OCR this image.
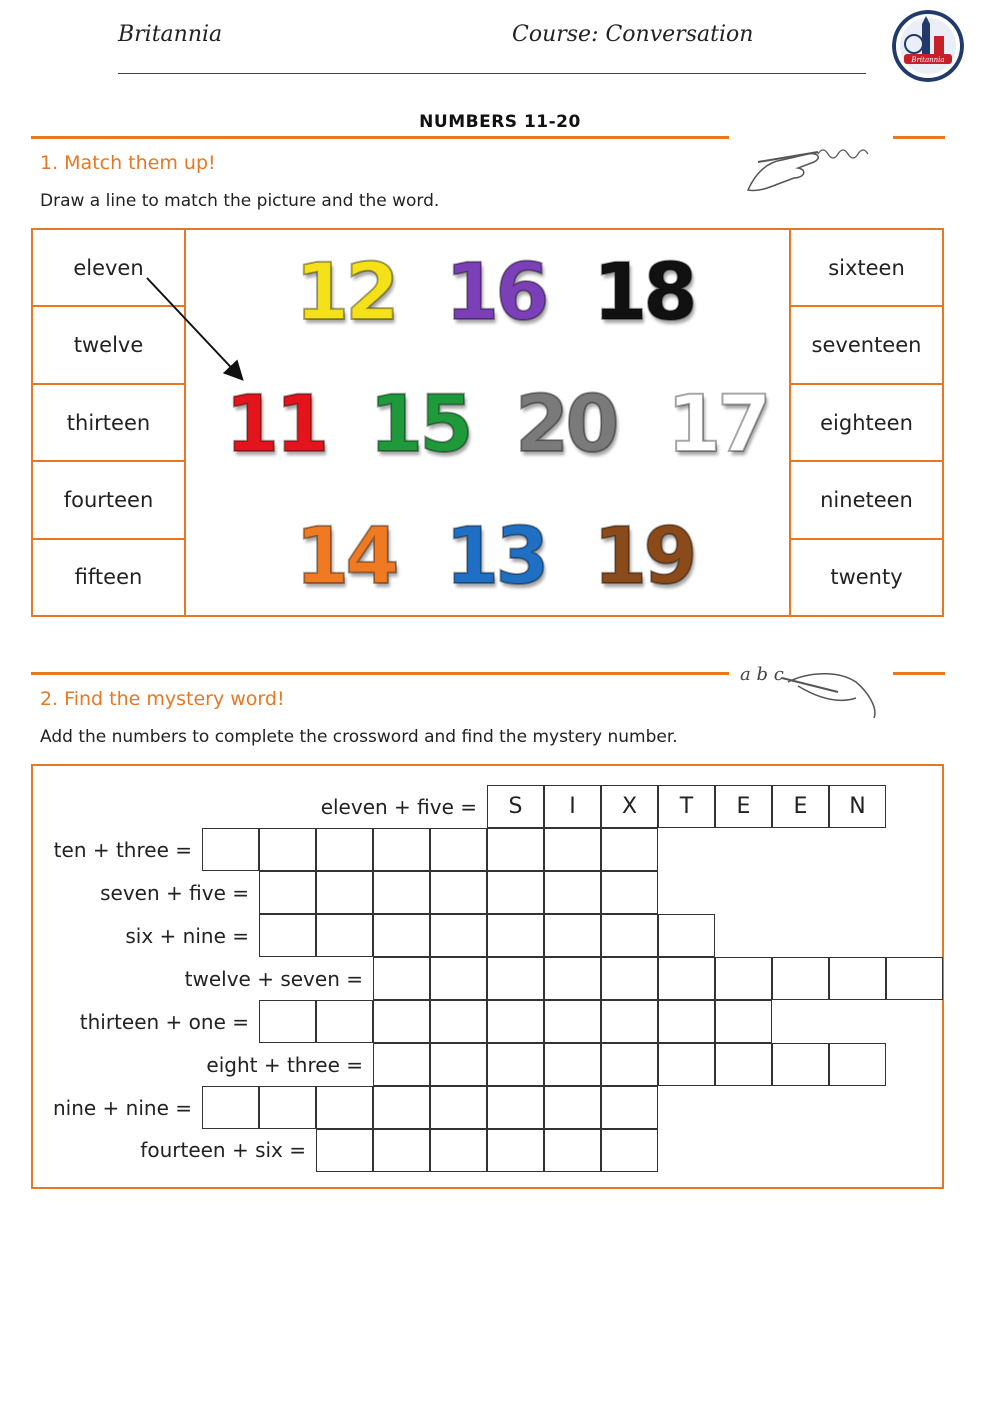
Britannia	Course: Conversation
Britannia
NUMBERS 11-20
1. Match them up!
Draw a line to match the picture and the word.
eleven
twelve
thirteen
fourteen
fifteen
sixteen
seventeen
eighteen
nineteen
twenty
12 16 18
11 15 20 17
14 13 19
a b c
2. Find the mystery word!
Add the numbers to complete the crossword and find the mystery number.
eleven + five =
ten + three =
seven + five =
six + nine =
twelve + seven =
thirteen + one =
eight + three =
nine + nine =
fourteen + six =
S	I	X	T	E	E	N
